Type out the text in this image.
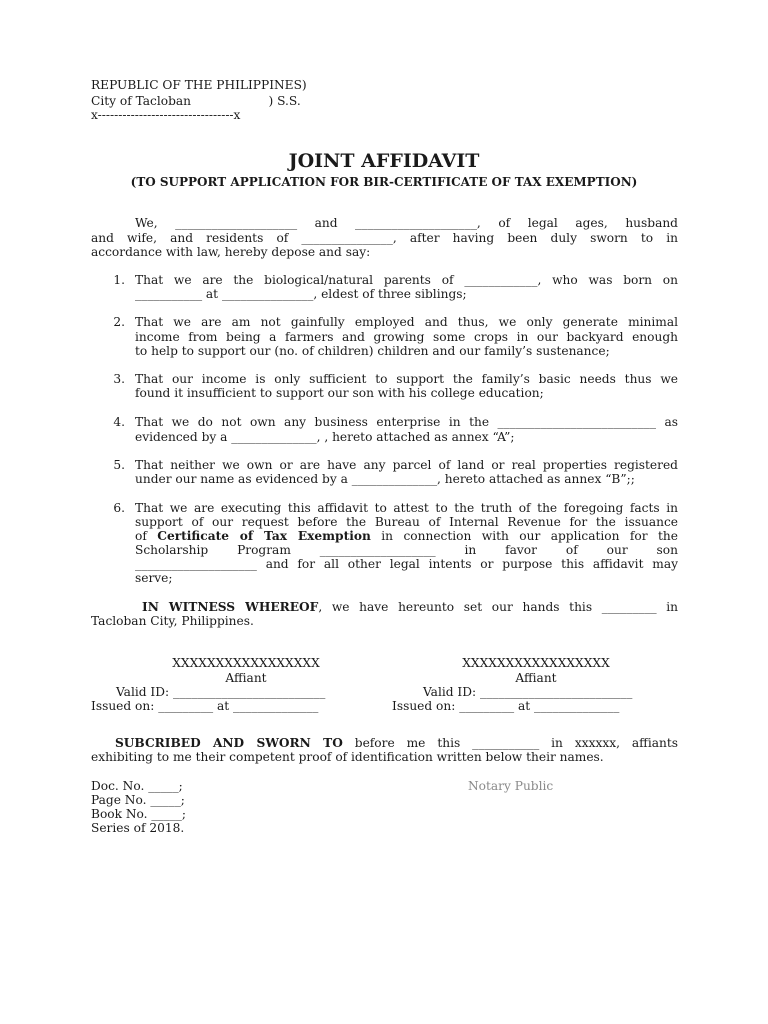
REPUBLIC OF THE PHILIPPINES)
City of Tacloban                    ) S.S.
x---------------------------------x
JOINT AFFIDAVIT
(TO SUPPORT APPLICATION FOR BIR-CERTIFICATE OF TAX EXEMPTION)
We, ____________________ and ____________________, of legal ages, husband
and wife, and residents of _______________, after having been duly sworn to in
accordance with law, hereby depose and say:
1. That we are the biological/natural parents of ____________, who was born on
___________ at _______________, eldest of three siblings;
2. That we are am not gainfully employed and thus, we only generate minimal
income from being a farmers and growing some crops in our backyard enough
to help to support our (no. of children) children and our family’s sustenance;
3. That our income is only sufficient to support the family’s basic needs thus we
found it insufficient to support our son with his college education;
4. That we do not own any business enterprise in the __________________________ as
evidenced by a ______________, , hereto attached as annex “A”;
5. That neither we own or are have any parcel of land or real properties registered
under our name as evidenced by a ______________, hereto attached as annex “B”;;
6. That we are executing this affidavit to attest to the truth of the foregoing facts in
support of our request before the Bureau of Internal Revenue for the issuance
of Certificate of Tax Exemption in connection with our application for the
Scholarship Program ___________________ in favor of our son
____________________ and for all other legal intents or purpose this affidavit may
serve;
IN WITNESS WHEREOF, we have hereunto set our hands this _________ in
Tacloban City, Philippines.
XXXXXXXXXXXXXXXXX
Affiant
Valid ID: _________________________
Issued on: _________ at ______________
XXXXXXXXXXXXXXXXX
Affiant
Valid ID: _________________________
Issued on: _________ at ______________
SUBCRIBED AND SWORN TO before me this ___________ in xxxxxx, affiants
exhibiting to me their competent proof of identification written below their names.
Notary Public
Doc. No. _____;
Page No. _____;
Book No. _____;
Series of 2018.
